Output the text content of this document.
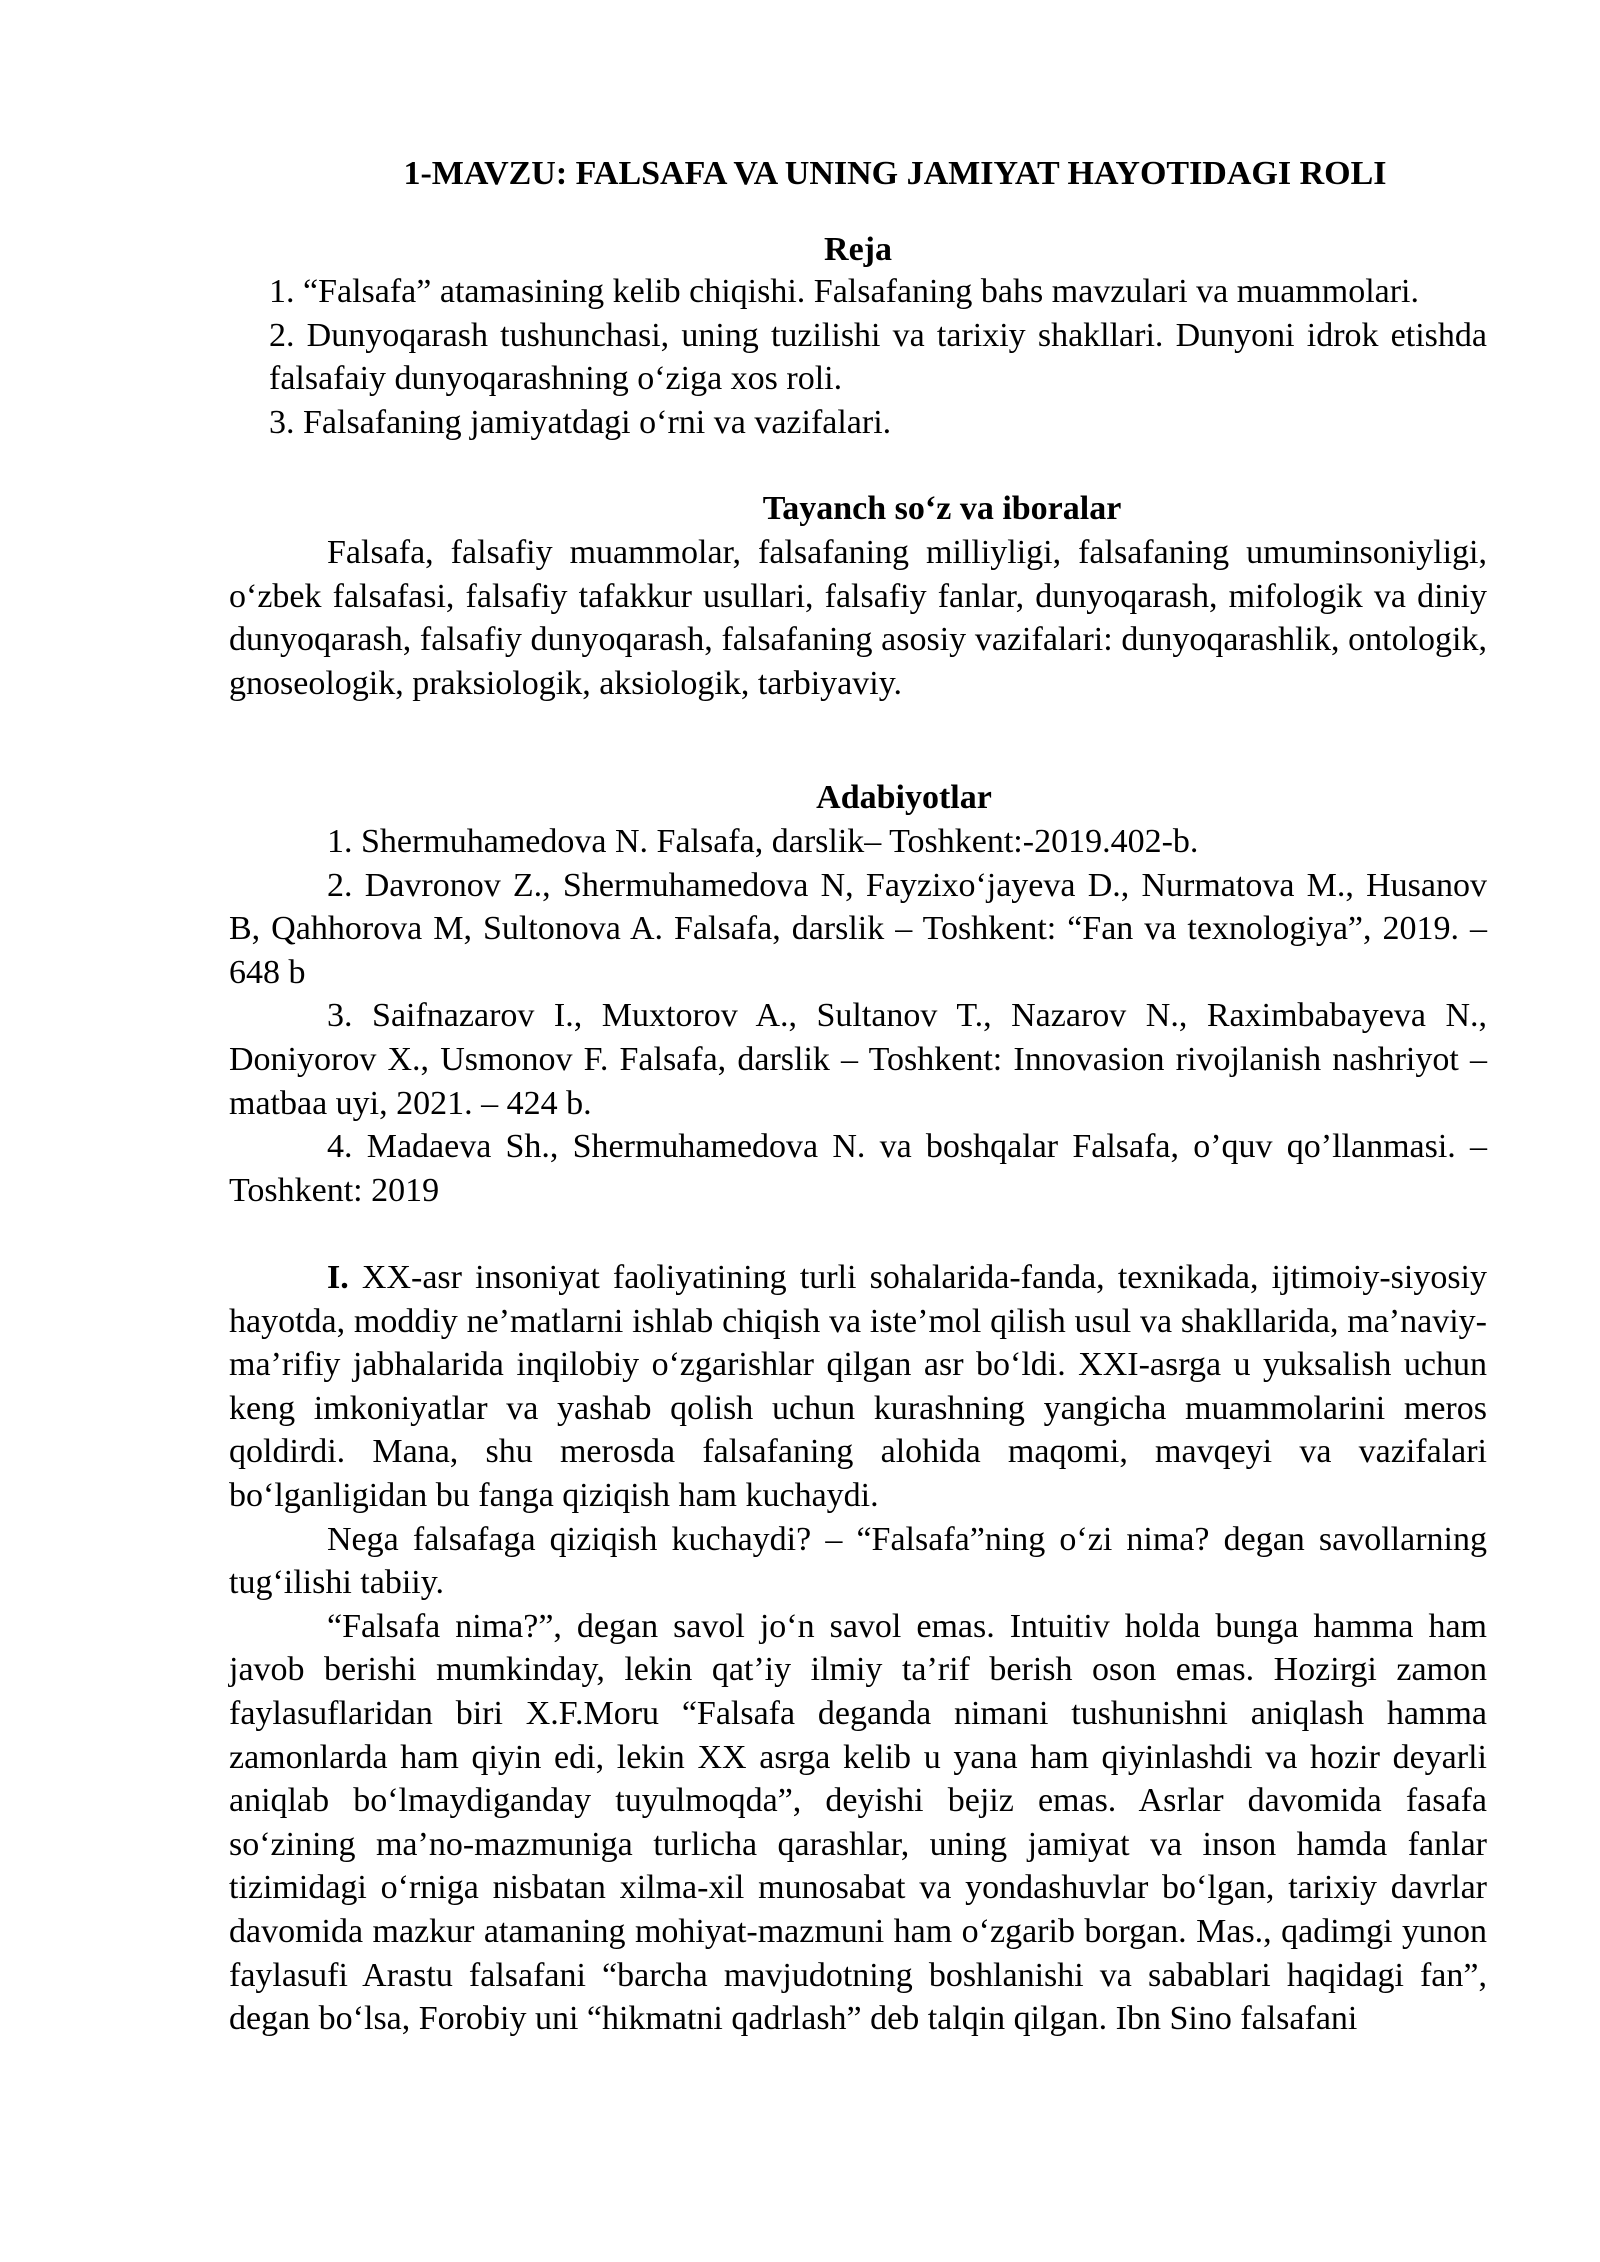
1-MAVZU: FALSAFA VA UNING JAMIYAT HAYOTIDAGI ROLI
Reja

1. “Falsafa” atamasining kelib chiqishi. Falsafaning bahs mavzulari va muammolari.

2. Dunyoqarash tushunchasi, uning tuzilishi va tarixiy shakllari. Dunyoni idrok etishda falsafaiy dunyoqarashning o‘ziga xos roli.

3. Falsafaning jamiyatdagi o‘rni va vazifalari.

Tayanch so‘z va iboralar

Falsafa, falsafiy muammolar, falsafaning milliyligi, falsafaning umuminsoniyligi, o‘zbek falsafasi, falsafiy tafakkur usullari, falsafiy fanlar, dunyoqarash, mifologik va diniy dunyoqarash, falsafiy dunyoqarash, falsafaning asosiy vazifalari: dunyoqarashlik, ontologik, gnoseologik, praksiologik, aksiologik, tarbiyaviy.

Adabiyotlar

1. Shermuhamedova N. Falsafa, darslik– Toshkent:-2019.402-b.

2. Davronov Z., Shermuhamedova N, Fayzixo‘jayeva D., Nurmatova M., Husanov B, Qahhorova M, Sultonova A. Falsafa, darslik – Toshkent: “Fan va texnologiya”, 2019. – 648 b

3. Saifnazarov I., Muxtorov A., Sultanov T., Nazarov N., Raximbabayeva N., Doniyorov X., Usmonov F. Falsafa, darslik – Toshkent: Innovasion rivojlanish nashriyot –matbaa uyi, 2021. – 424 b.

4. Madaeva Sh., Shermuhamedova N. va boshqalar Falsafa, o’quv qo’llanmasi. –Toshkent: 2019

I. XX-asr insoniyat faoliyatining turli sohalarida-fanda, texnikada, ijtimoiy-siyosiy hayotda, moddiy ne’matlarni ishlab chiqish va iste’mol qilish usul va shakllarida, ma’naviy-ma’rifiy jabhalarida inqilobiy o‘zgarishlar qilgan asr bo‘ldi. XXI-asrga u yuksalish uchun keng imkoniyatlar va yashab qolish uchun kurashning yangicha muammolarini meros qoldirdi. Mana, shu merosda falsafaning alohida maqomi, mavqeyi va vazifalari bo‘lganligidan bu fanga qiziqish ham kuchaydi.

Nega falsafaga qiziqish kuchaydi? – “Falsafa”ning o‘zi nima? degan savollarning tug‘ilishi tabiiy.

“Falsafa nima?”, degan savol jo‘n savol emas. Intuitiv holda bunga hamma ham javob berishi mumkinday, lekin qat’iy ilmiy ta’rif berish oson emas. Hozirgi zamon faylasuflaridan biri X.F.Moru “Falsafa deganda nimani tushunishni aniqlash hamma zamonlarda ham qiyin edi, lekin XX asrga kelib u yana ham qiyinlashdi va hozir deyarli aniqlab bo‘lmaydiganday tuyulmoqda”, deyishi bejiz emas. Asrlar davomida fasafa so‘zining ma’no-mazmuniga turlicha qarashlar, uning jamiyat va inson hamda fanlar tizimidagi o‘rniga nisbatan xilma-xil munosabat va yondashuvlar bo‘lgan, tarixiy davrlar davomida mazkur atamaning mohiyat-mazmuni ham o‘zgarib borgan. Mas., qadimgi yunon faylasufi Arastu falsafani “barcha mavjudotning boshlanishi va sabablari haqidagi fan”, degan bo‘lsa, Forobiy uni “hikmatni qadrlash” deb talqin qilgan. Ibn Sino falsafani
